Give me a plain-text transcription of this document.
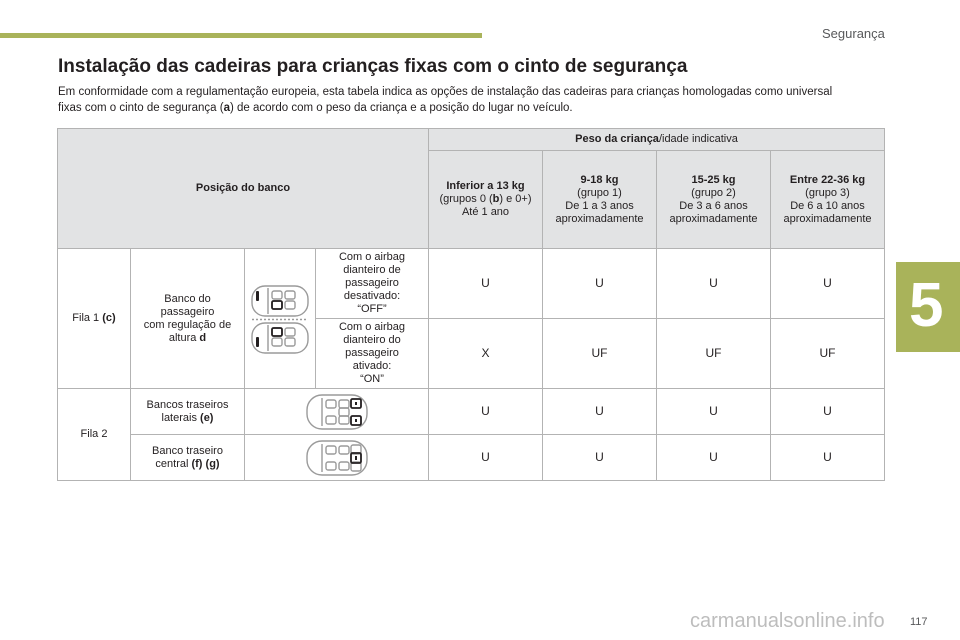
Segurança
5
Instalação das cadeiras para crianças fixas com o cinto de segurança

Em conformidade com a regulamentação europeia, esta tabela indica as opções de instalação das cadeiras para crianças homologadas como universal fixas com o cinto de segurança (a) de acordo com o peso da criança e a posição do lugar no veículo.

Posição do banco				Peso da criança/idade indicativa			
				Inferior a 13 kg
(grupos 0 (b) e 0+)
Até 1 ano	9-18 kg
(grupo 1)
De 1 a 3 anos
aproximadamente	15-25 kg
(grupo 2)
De 3 a 6 anos
aproximadamente	Entre 22-36 kg
(grupo 3)
De 6 a 10 anos
aproximadamente
Fila 1 (c)	Banco do
passageiro
com regulação de
altura d		Com o airbag
dianteiro de
passageiro
desativado:
“OFF”	U	U	U	U
			Com o airbag
dianteiro do
passageiro
ativado:
“ON”	X	UF	UF	UF
Fila 2	Bancos traseiros
laterais (e)			U	U	U	U
	Banco traseiro
central (f) (g)			U	U	U	U
carmanualsonline.info 117
